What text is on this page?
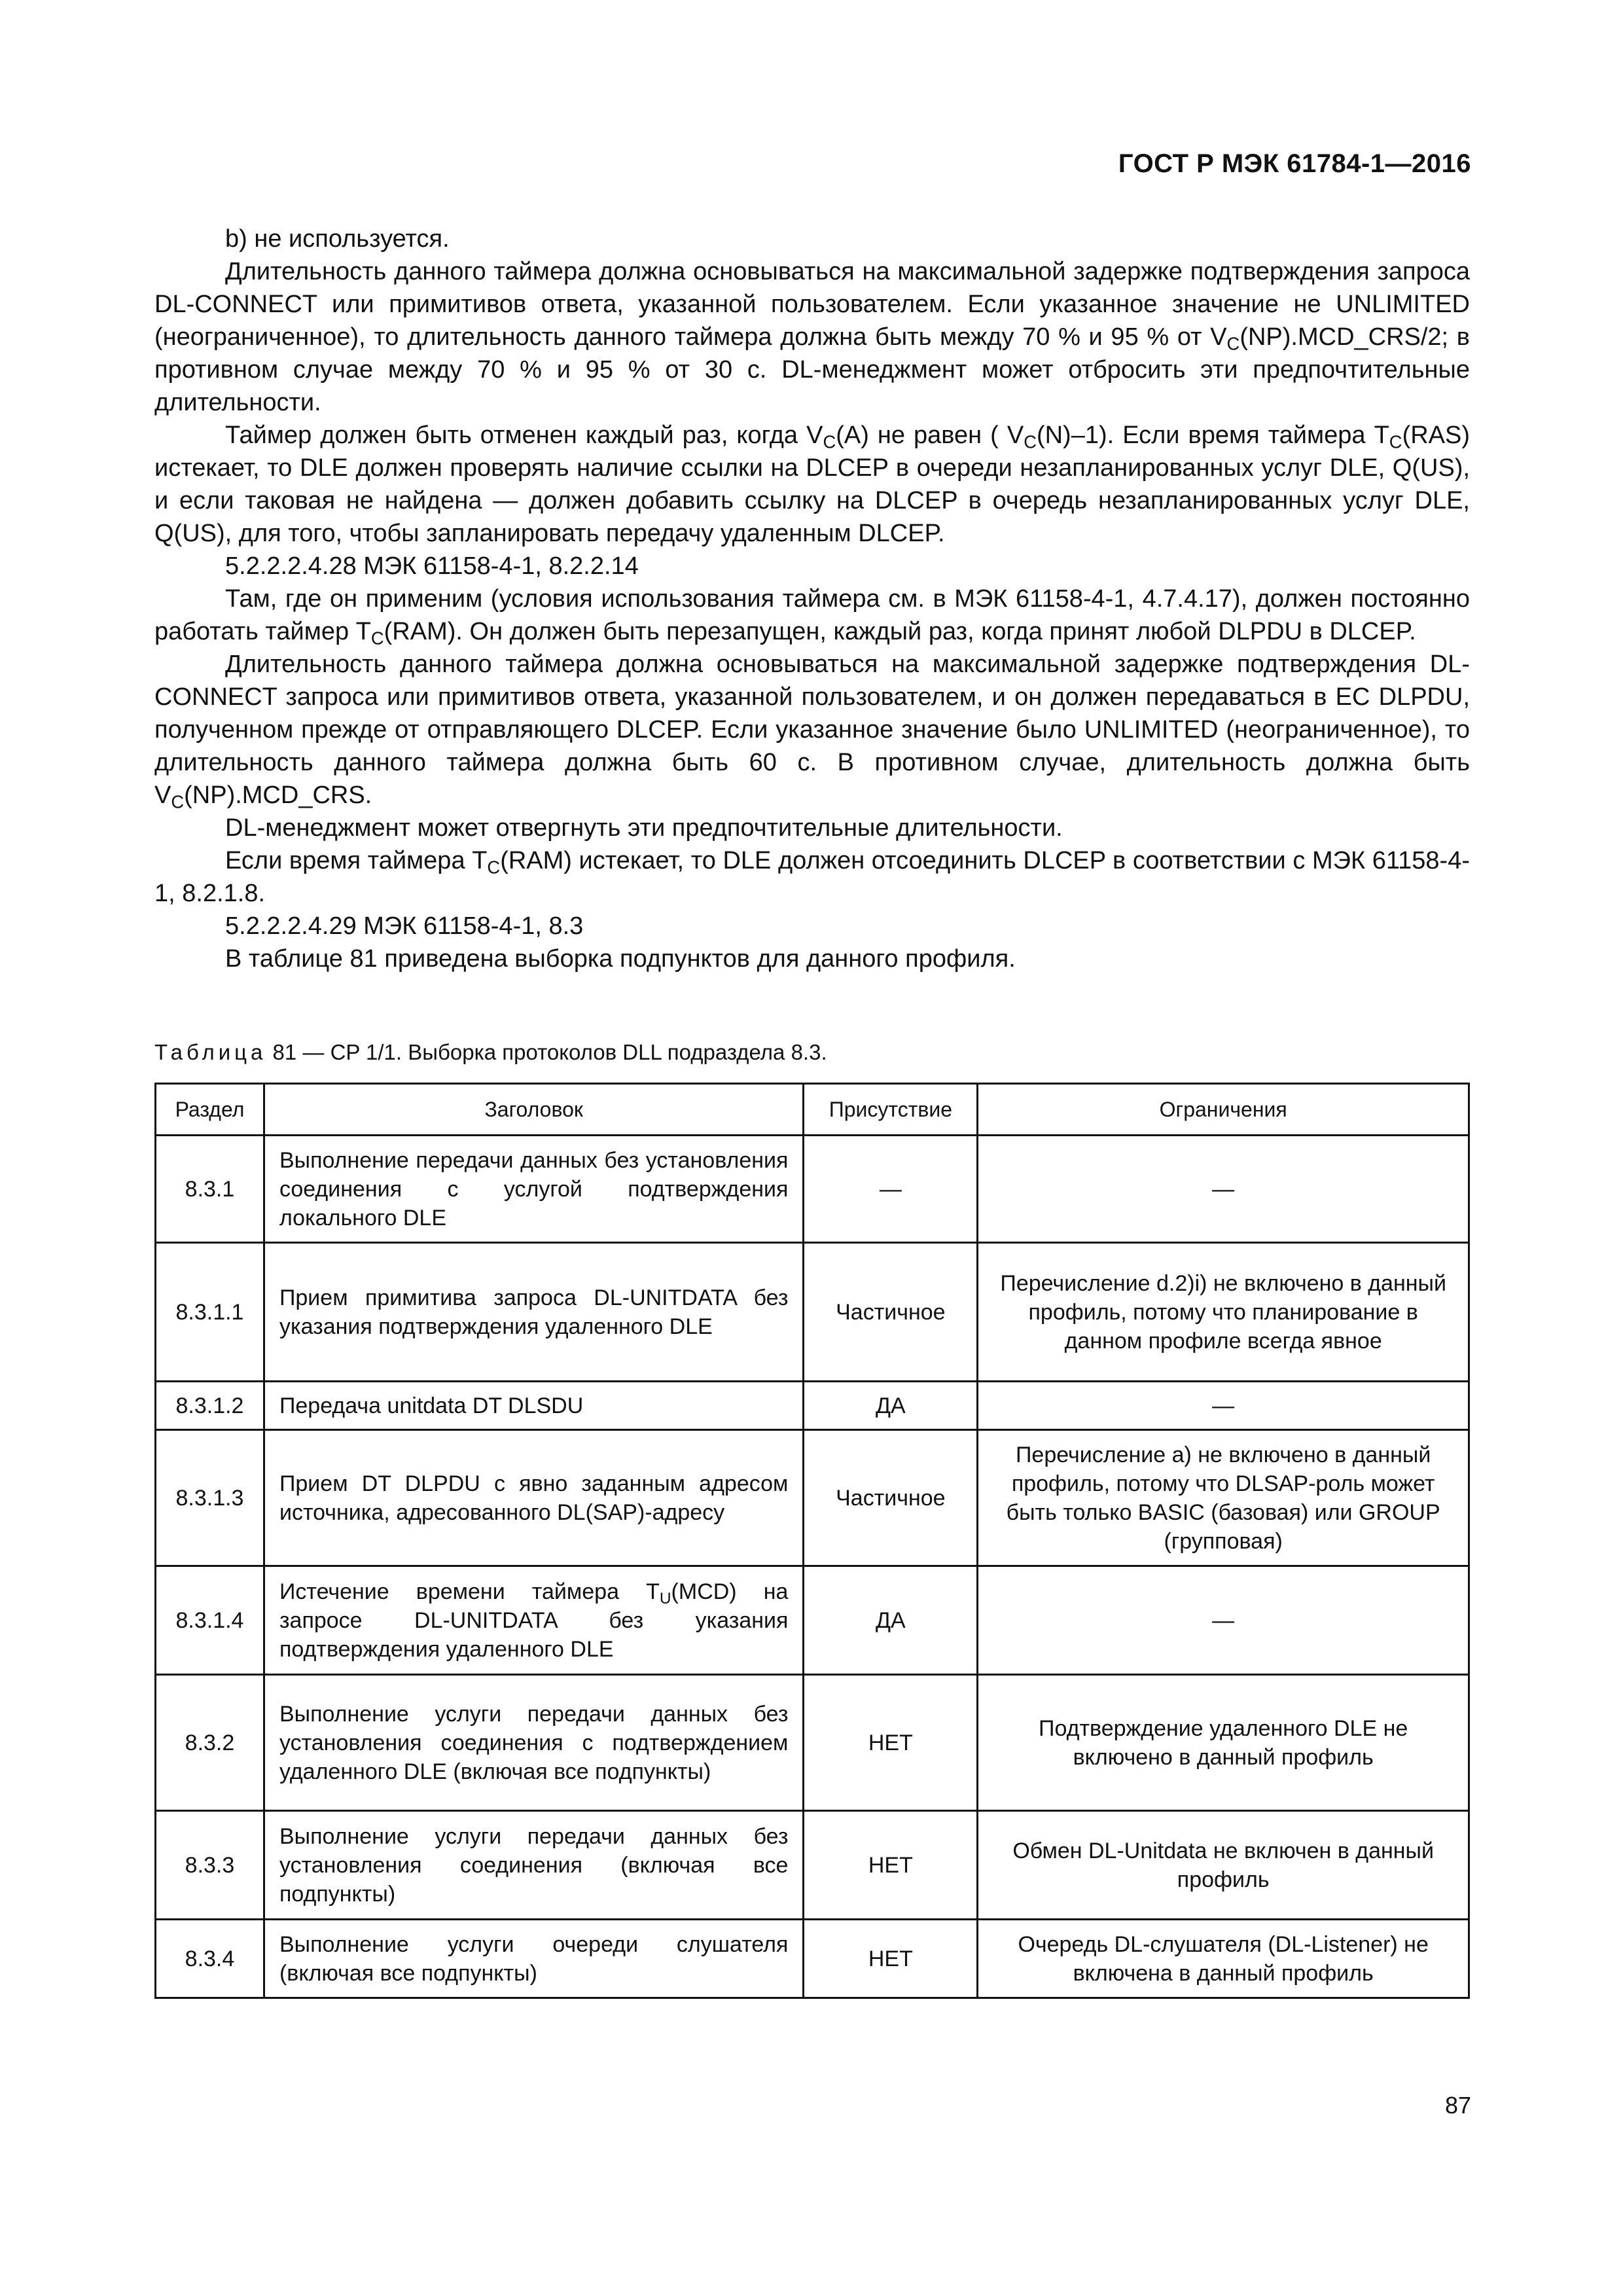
ГОСТ Р МЭК 61784-1—2016

b) не используется.

Длительность данного таймера должна основываться на максимальной задержке подтверждения запроса DL-CONNECT или примитивов ответа, указанной пользователем. Если указанное значение не UNLIMITED (неограниченное), то длительность данного таймера должна быть между 70 % и 95 % от $V_C(NP).MCD\_CRS/2$; в противном случае между 70 % и 95 % от 30 с. DL-менеджмент может отбросить эти предпочтительные длительности.

Таймер должен быть отменен каждый раз, когда $V_C(A)$ не равен ( $V_C(N)-1$). Если время таймера $T_C(RAS)$ истекает, то DLE должен проверять наличие ссылки на DLCEP в очереди незапланированных услуг DLE, Q(US), и если таковая не найдена — должен добавить ссылку на DLCEP в очередь незапланированных услуг DLE, Q(US), для того, чтобы запланировать передачу удаленным DLCEP.

5.2.2.2.4.28 МЭК 61158-4-1, 8.2.2.14

Там, где он применим (условия использования таймера см. в МЭК 61158-4-1, 4.7.4.17), должен постоянно работать таймер $T_C(RAM)$. Он должен быть перезапущен, каждый раз, когда принят любой DLPDU в DLCEP.

Длительность данного таймера должна основываться на максимальной задержке подтверждения DL-CONNECT запроса или примитивов ответа, указанной пользователем, и он должен передаваться в EC DLPDU, полученном прежде от отправляющего DLCEP. Если указанное значение было UNLIMITED (неограниченное), то длительность данного таймера должна быть 60 с. В противном случае, длительность должна быть $V_C(NP).MCD\_CRS$.

DL-менеджмент может отвергнуть эти предпочтительные длительности.

Если время таймера $T_C(RAM)$ истекает, то DLE должен отсоединить DLCEP в соответствии с МЭК 61158-4-1, 8.2.1.8.

5.2.2.2.4.29 МЭК 61158-4-1, 8.3

В таблице 81 приведена выборка подпунктов для данного профиля.

Таблица 81 — CP 1/1. Выборка протоколов DLL подраздела 8.3.
Раздел	Заголовок	Присутствие	Ограничения
8.3.1	Выполнение передачи данных без установления соединения с услугой подтверждения локального DLE	—	—
8.3.1.1	Прием примитива запроса DL-UNITDATA без указания подтверждения удаленного DLE	Частичное	Перечисление d.2)i) не включено в данный профиль, потому что планирование в данном профиле всегда явное
8.3.1.2	Передача unitdata DT DLSDU	ДА	—
8.3.1.3	Прием DT DLPDU с явно заданным адресом источника, адресованного DL(SAP)-адресу	Частичное	Перечисление a) не включено в данный профиль, потому что DLSAP-роль может быть только BASIC (базовая) или GROUP (групповая)
8.3.1.4	Истечение времени таймера $T_U(MCD)$ на запросе DL-UNITDATA без указания подтверждения удаленного DLE	ДА	—
8.3.2	Выполнение услуги передачи данных без установления соединения с подтверждением удаленного DLE (включая все подпункты)	НЕТ	Подтверждение удаленного DLE не включено в данный профиль
8.3.3	Выполнение услуги передачи данных без установления соединения (включая все подпункты)	НЕТ	Обмен DL-Unitdata не включен в данный профиль
8.3.4	Выполнение услуги очереди слушателя (включая все подпункты)	НЕТ	Очередь DL-слушателя (DL-Listener) не включена в данный профиль
87
